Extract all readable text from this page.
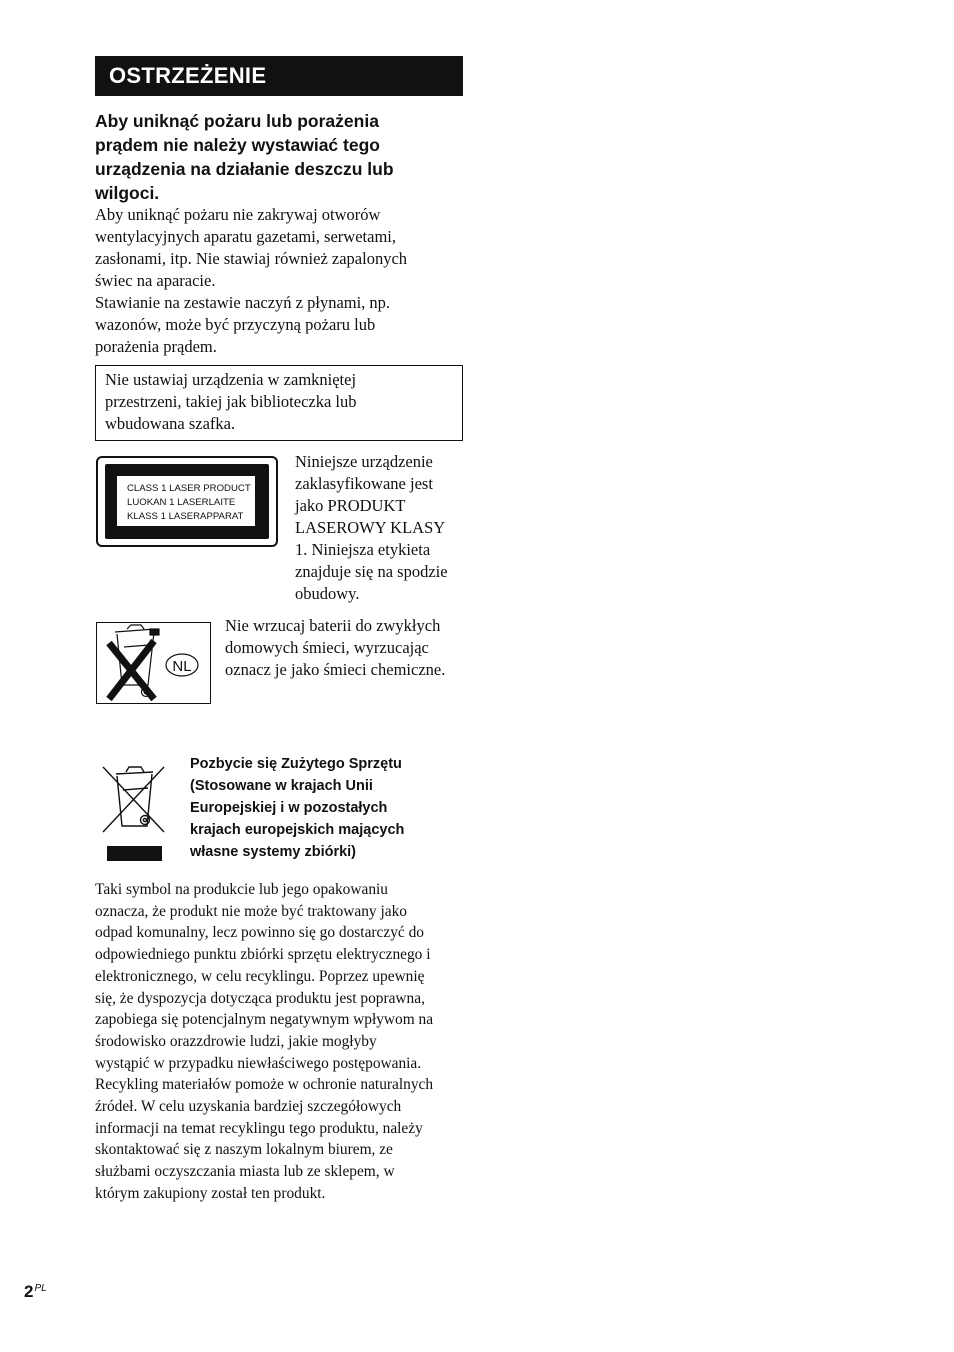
OSTRZEŻENIE
Aby uniknąć pożaru lub porażenia
prądem nie należy wystawiać tego
urządzenia na działanie deszczu lub
wilgoci.
Aby uniknąć pożaru nie zakrywaj otworów
wentylacyjnych aparatu gazetami, serwetami,
zasłonami, itp. Nie stawiaj również zapalonych
świec na aparacie.
Stawianie na zestawie naczyń z płynami, np.
wazonów, może być przyczyną pożaru lub
porażenia prądem.
Nie ustawiaj urządzenia w zamkniętej
przestrzeni, takiej jak biblioteczka lub
wbudowana szafka.
CLASS 1 LASER PRODUCT
LUOKAN 1 LASERLAITE
KLASS 1 LASERAPPARAT
Niniejsze urządzenie
zaklasyfikowane jest
jako PRODUKT
LASEROWY KLASY
1. Niniejsza etykieta
znajduje się na spodzie
obudowy.
NL
Nie wrzucaj baterii do zwykłych
domowych śmieci, wyrzucając
oznacz je jako śmieci chemiczne.
Pozbycie się Zużytego Sprzętu
(Stosowane w krajach Unii
Europejskiej i w pozostałych
krajach europejskich mających
własne systemy zbiórki)
Taki symbol na produkcie lub jego opakowaniu
oznacza, że produkt nie może być traktowany jako
odpad komunalny, lecz powinno się go dostarczyć do
odpowiedniego punktu zbiórki sprzętu elektrycznego i
elektronicznego, w celu recyklingu. Poprzez upewnię
się, że dyspozycja dotycząca produktu jest poprawna,
zapobiega się potencjalnym negatywnym wpływom na
środowisko orazzdrowie ludzi, jakie mogłyby
wystąpić w przypadku niewłaściwego postępowania.
Recykling materiałów pomoże w ochronie naturalnych
źródeł. W celu uzyskania bardziej szczegółowych
informacji na temat recyklingu tego produktu, należy
skontaktować się z naszym lokalnym biurem, ze
służbami oczyszczania miasta lub ze sklepem, w
którym zakupiony został ten produkt.
$2^{PL}$
